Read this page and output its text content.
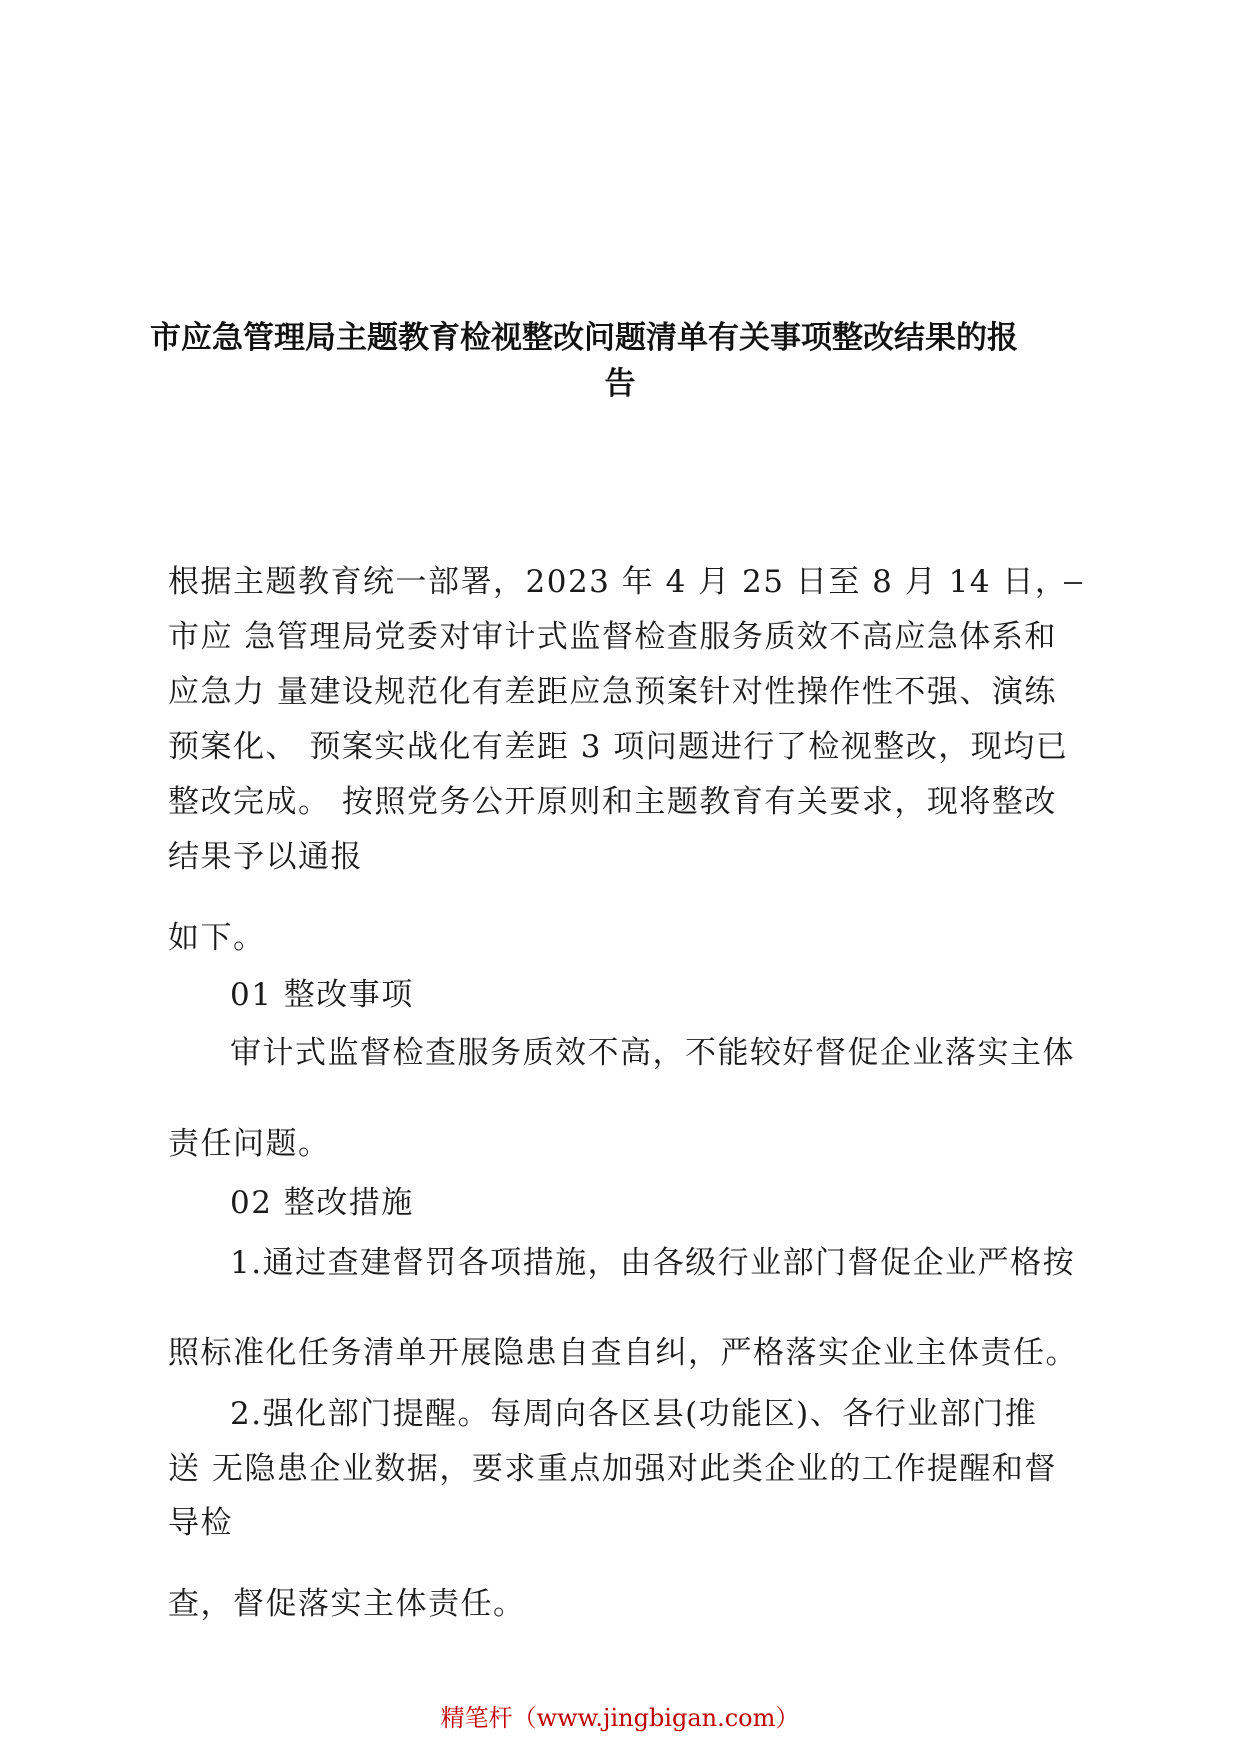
市应急管理局主题教育检视整改问题清单有关事项整改结果的报
告
根据主题教育统一部署，2023 年 4 月 25 日至 8 月 14 日，
市应 急管理局党委对审计式监督检查服务质效不高应急体系和
应急力 量建设规范化有差距应急预案针对性操作性不强、演练
预案化、 预案实战化有差距 3 项问题进行了检视整改，现均已
整改完成。 按照党务公开原则和主题教育有关要求，现将整改
结果予以通报
如下。
01 整改事项
审计式监督检查服务质效不高，不能较好督促企业落实主体
责任问题。
02 整改措施
1.通过查建督罚各项措施，由各级行业部门督促企业严格按
照标准化任务清单开展隐患自查自纠，严格落实企业主体责任。
2.强化部门提醒。每周向各区县(功能区)、各行业部门推
送 无隐患企业数据，要求重点加强对此类企业的工作提醒和督
导检
查，督促落实主体责任。
精笔杆（www.jingbigan.com）
